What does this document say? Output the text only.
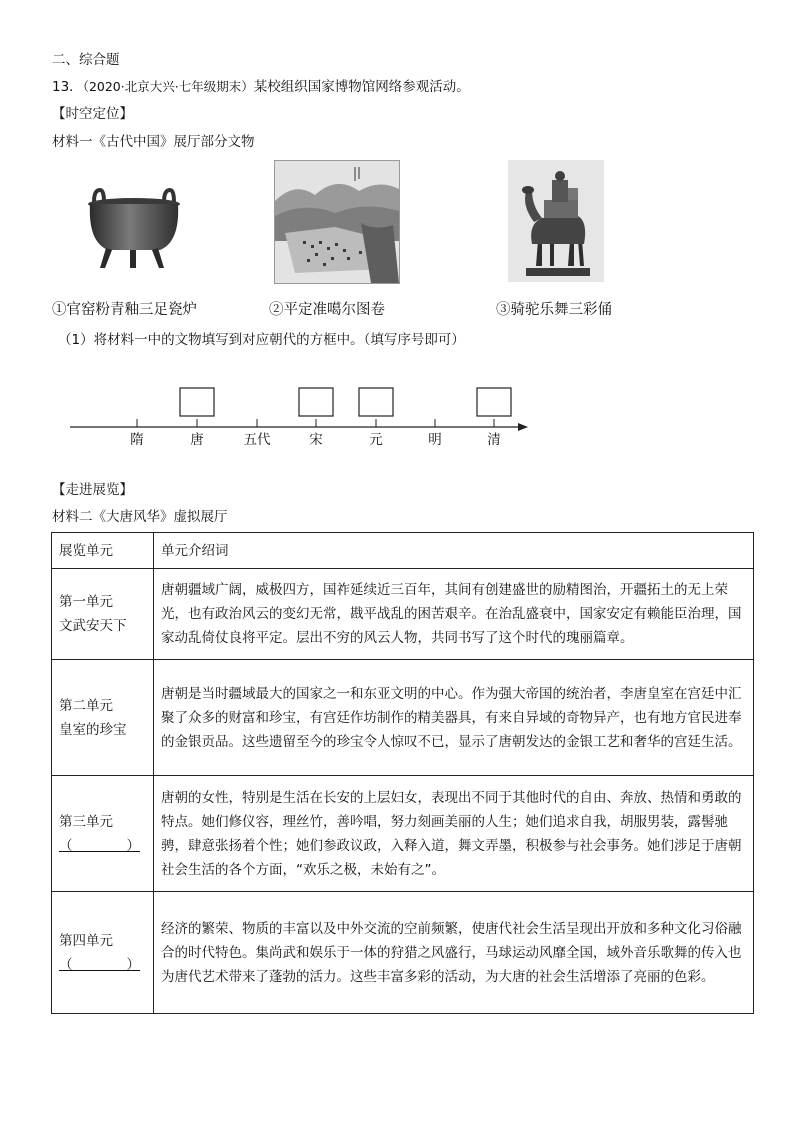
二、综合题
13．（2020·北京大兴·七年级期末）某校组织国家博物馆网络参观活动。
【时空定位】
材料一《古代中国》展厅部分文物
①官窑粉青釉三足瓷炉	②平定准噶尔图卷	③骑驼乐舞三彩俑
（1）将材料一中的文物填写到对应朝代的方框中。（填写序号即可）
隋	唐	五代	宋	元	明	清
【走进展览】
材料二《大唐风华》虚拟展厅
展览单元	单元介绍词

第一单元
文武安天下	唐朝疆域广阔，威极四方，国祚延续近三百年，其间有创建盛世的励精图治，开疆拓土的无上荣光，也有政治风云的变幻无常，戡平战乱的困苦艰辛。在治乱盛衰中，国家安定有赖能臣治理，国家动乱倚仗良将平定。层出不穷的风云人物，共同书写了这个时代的瑰丽篇章。

第二单元
皇室的珍宝	唐朝是当时疆域最大的国家之一和东亚文明的中心。作为强大帝国的统治者，李唐皇室在宫廷中汇聚了众多的财富和珍宝，有宫廷作坊制作的精美器具，有来自异域的奇物异产，也有地方官民进奉的金银贡品。这些遗留至今的珍宝令人惊叹不已，显示了唐朝发达的金银工艺和奢华的宫廷生活。

第三单元
（　　　　）	唐朝的女性，特别是生活在长安的上层妇女，表现出不同于其他时代的自由、奔放、热情和勇敢的特点。她们修仪容，理丝竹，善吟唱，努力刻画美丽的人生；她们追求自我，胡服男装，露髻驰骋，肆意张扬着个性；她们参政议政，入释入道，舞文弄墨，积极参与社会事务。她们涉足于唐朝社会生活的各个方面，“欢乐之极，未始有之”。

第四单元
（　　　　）	经济的繁荣、物质的丰富以及中外交流的空前频繁，使唐代社会生活呈现出开放和多种文化习俗融合的时代特色。集尚武和娱乐于一体的狩猎之风盛行，马球运动风靡全国，域外音乐歌舞的传入也为唐代艺术带来了蓬勃的活力。这些丰富多彩的活动，为大唐的社会生活增添了亮丽的色彩。
